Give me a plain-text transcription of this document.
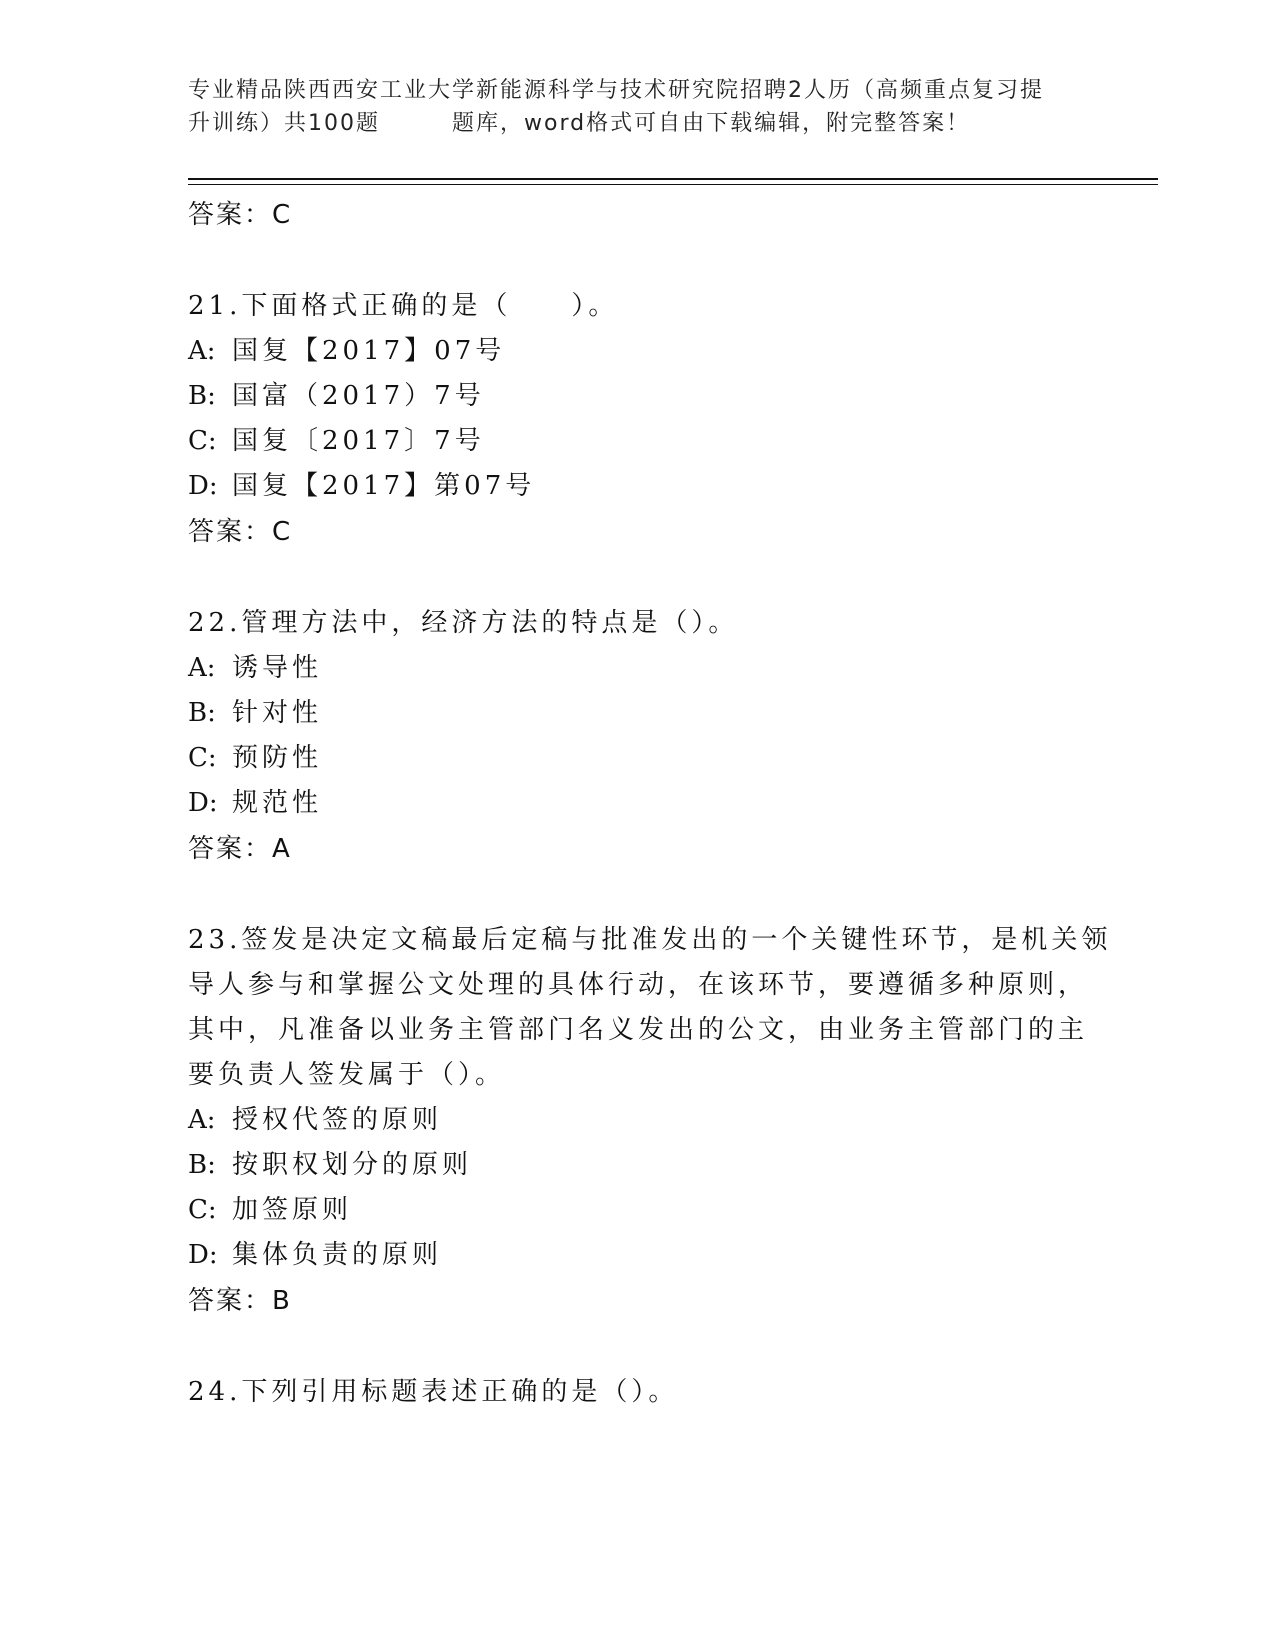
专业精品陕西西安工业大学新能源科学与技术研究院招聘2人历（高频重点复习提
升训练）共100题	题库，word格式可自由下载编辑，附完整答案！
答案：C
21.下面格式正确的是（　　）。
A: 国复【2017】07号
B: 国富（2017）7号
C: 国复〔2017〕7号
D: 国复【2017】第07号
答案：C
22.管理方法中，经济方法的特点是（）。
A: 诱导性
B: 针对性
C: 预防性
D: 规范性
答案：A
23.签发是决定文稿最后定稿与批准发出的一个关键性环节，是机关领
导人参与和掌握公文处理的具体行动，在该环节，要遵循多种原则，
其中，凡准备以业务主管部门名义发出的公文，由业务主管部门的主
要负责人签发属于（）。
A: 授权代签的原则
B: 按职权划分的原则
C: 加签原则
D: 集体负责的原则
答案：B
24.下列引用标题表述正确的是（）。
